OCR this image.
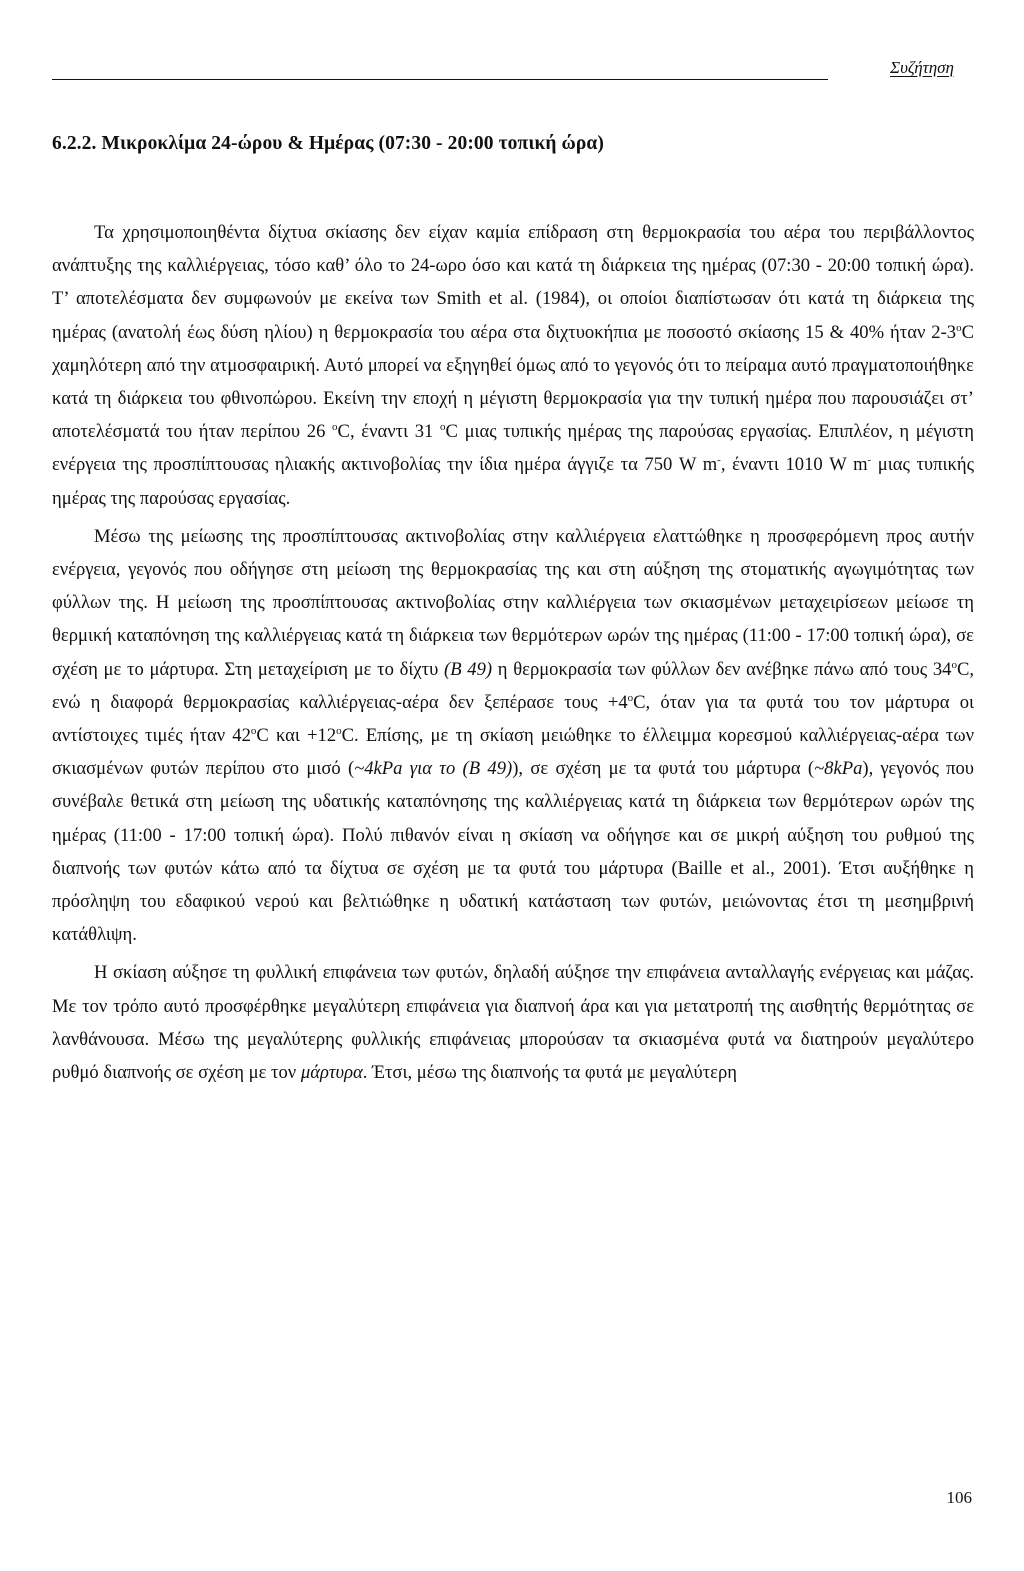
Συζήτηση
6.2.2. Μικροκλίμα 24-ώρου & Ημέρας (07:30 - 20:00 τοπική ώρα)

Τα χρησιμοποιηθέντα δίχτυα σκίασης δεν είχαν καμία επίδραση στη θερμοκρασία του αέρα του περιβάλλοντος ανάπτυξης της καλλιέργειας, τόσο καθ’ όλο το 24-ωρο όσο και κατά τη διάρκεια της ημέρας (07:30 - 20:00 τοπική ώρα). Τ’ αποτελέσματα δεν συμφωνούν με εκείνα των Smith et al. (1984), οι οποίοι διαπίστωσαν ότι κατά τη διάρκεια της ημέρας (ανατολή έως δύση ηλίου) η θερμοκρασία του αέρα στα διχτυοκήπια με ποσοστό σκίασης 15 & 40% ήταν 2-3$^o$C χαμηλότερη από την ατμοσφαιρική. Αυτό μπορεί να εξηγηθεί όμως από το γεγονός ότι το πείραμα αυτό πραγματοποιήθηκε κατά τη διάρκεια του φθινοπώρου. Εκείνη την εποχή η μέγιστη θερμοκρασία για την τυπική ημέρα που παρουσιάζει στ’ αποτελέσματά του ήταν περίπου 26 $^o$C, έναντι 31 $^o$C μιας τυπικής ημέρας της παρούσας εργασίας. Επιπλέον, η μέγιστη ενέργεια της προσπίπτουσας ηλιακής ακτινοβολίας την ίδια ημέρα άγγιζε τα 750 W m-, έναντι 1010 W m- μιας τυπικής ημέρας της παρούσας εργασίας.

Μέσω της μείωσης της προσπίπτουσας ακτινοβολίας στην καλλιέργεια ελαττώθηκε η προσφερόμενη προς αυτήν ενέργεια, γεγονός που οδήγησε στη μείωση της θερμοκρασίας της και στη αύξηση της στοματικής αγωγιμότητας των φύλλων της. Η μείωση της προσπίπτουσας ακτινοβολίας στην καλλιέργεια των σκιασμένων μεταχειρίσεων μείωσε τη θερμική καταπόνηση της καλλιέργειας κατά τη διάρκεια των θερμότερων ωρών της ημέρας (11:00 - 17:00 τοπική ώρα), σε σχέση με το μάρτυρα. Στη μεταχείριση με το δίχτυ (Β 49) η θερμοκρασία των φύλλων δεν ανέβηκε πάνω από τους 34$^o$C, ενώ η διαφορά θερμοκρασίας καλλιέργειας-αέρα δεν ξεπέρασε $\tau o\upsilon\varsigma +4^oC$, όταν για τα φυτά του τον μάρτυρα οι αντίστοιχες τιμές ήταν 42$^o$C $\kappa\alpha\iota +12^oC$. Επίσης, με τη σκίαση μειώθηκε το έλλειμμα κορεσμού καλλιέργειας-αέρα των σκιασμένων φυτών περίπου στο μισό (~4kPa για το (Β 49)), σε σχέση με τα φυτά του μάρτυρα (~8kPa), γεγονός που συνέβαλε θετικά στη μείωση της υδατικής καταπόνησης της καλλιέργειας κατά τη διάρκεια των θερμότερων ωρών της ημέρας (11:00 - 17:00 τοπική ώρα). Πολύ πιθανόν είναι η σκίαση να οδήγησε και σε μικρή αύξηση του ρυθμού της διαπνοής των φυτών κάτω από τα δίχτυα σε σχέση με τα φυτά του μάρτυρα (Baille et al., 2001). Έτσι αυξήθηκε η πρόσληψη του εδαφικού νερού και βελτιώθηκε η υδατική κατάσταση των φυτών, μειώνοντας έτσι τη μεσημβρινή κατάθλιψη.

Η σκίαση αύξησε τη φυλλική επιφάνεια των φυτών, δηλαδή αύξησε την επιφάνεια ανταλλαγής ενέργειας και μάζας. Με τον τρόπο αυτό προσφέρθηκε μεγαλύτερη επιφάνεια για διαπνοή άρα και για μετατροπή της αισθητής θερμότητας σε λανθάνουσα. Μέσω της μεγαλύτερης φυλλικής επιφάνειας μπορούσαν τα σκιασμένα φυτά να διατηρούν μεγαλύτερο ρυθμό διαπνοής σε σχέση με τον μάρτυρα. Έτσι, μέσω της διαπνοής τα φυτά με μεγαλύτερη

106
